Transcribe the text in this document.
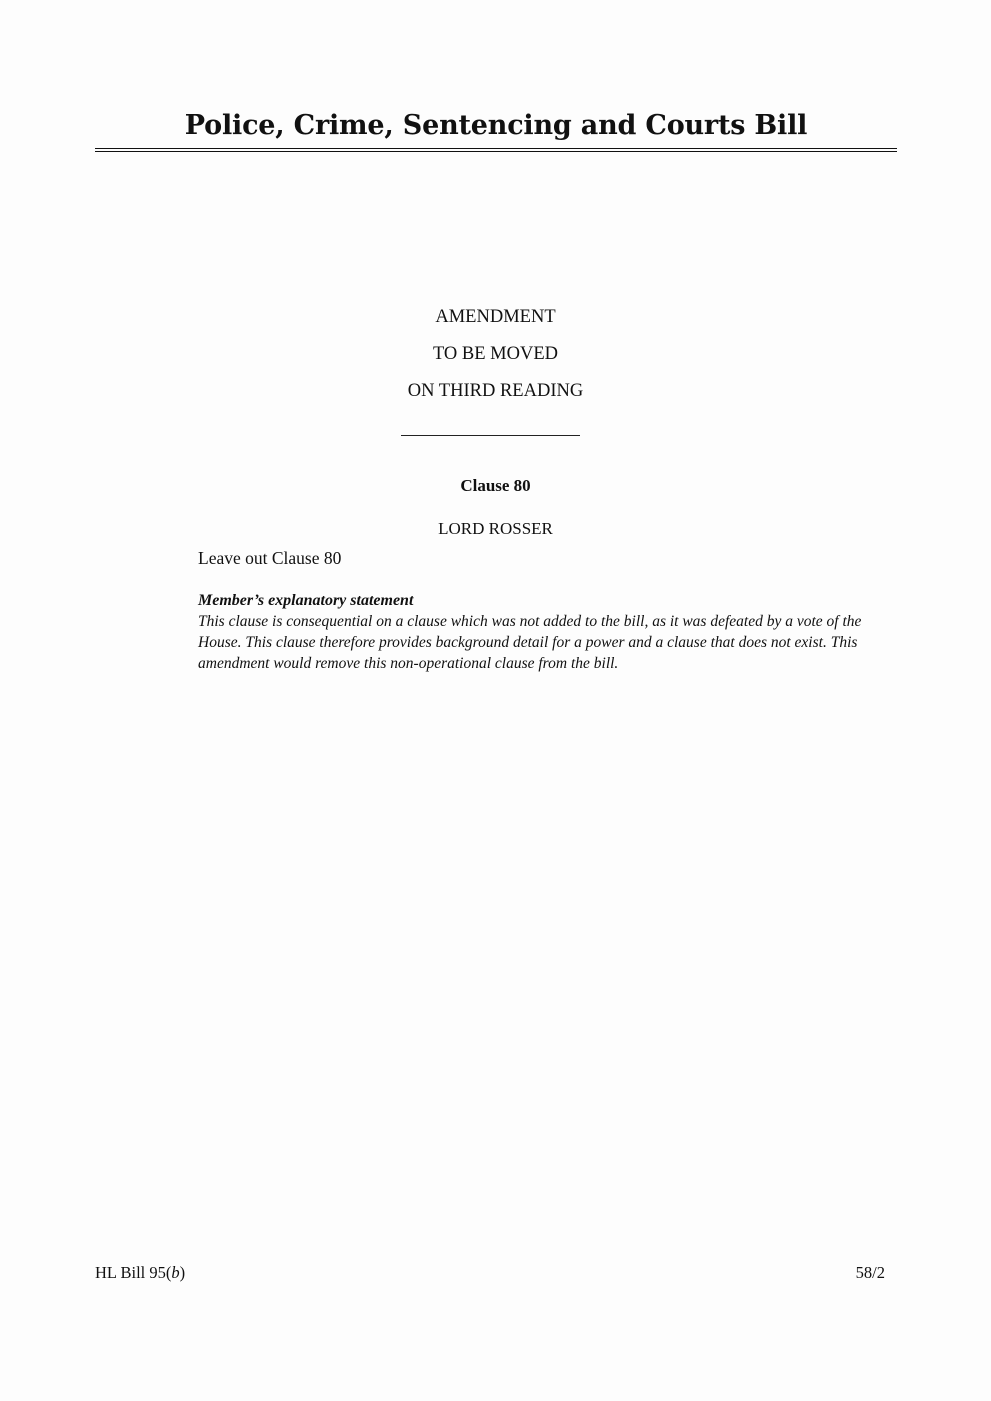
Police, Crime, Sentencing and Courts Bill
AMENDMENT
TO BE MOVED
ON THIRD READING
Clause 80
LORD ROSSER
Leave out Clause 80
Member’s explanatory statement
This clause is consequential on a clause which was not added to the bill, as it was defeated by a vote of the House. This clause therefore provides background detail for a power and a clause that does not exist. This amendment would remove this non-operational clause from the bill.
HL Bill 95(b)	58/2
